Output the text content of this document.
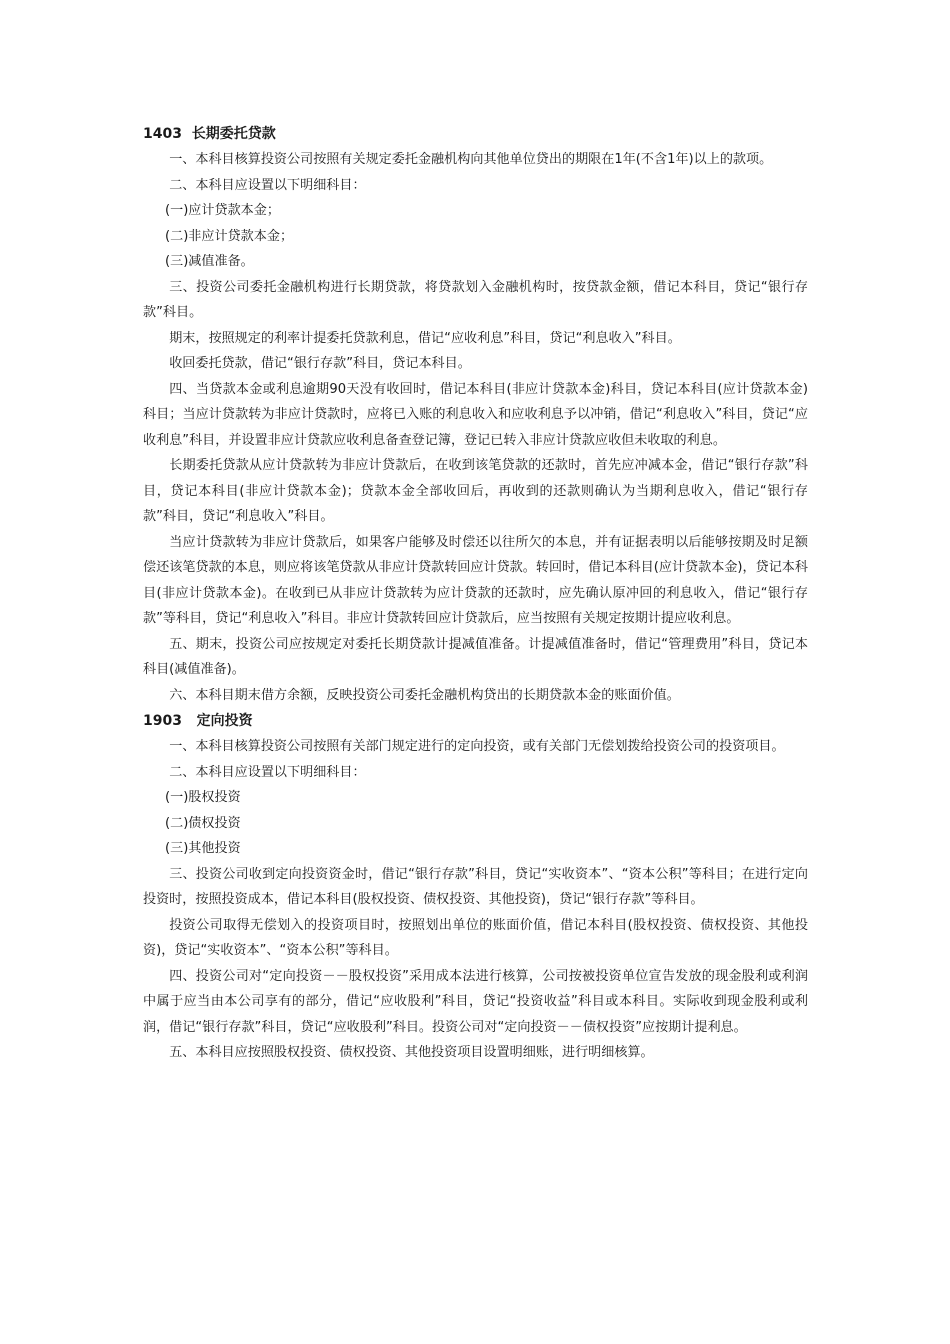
1403  长期委托贷款

一、本科目核算投资公司按照有关规定委托金融机构向其他单位贷出的期限在1年(不含1年)以上的款项。

二、本科目应设置以下明细科目：

(一)应计贷款本金；

(二)非应计贷款本金；

(三)减值准备。

三、投资公司委托金融机构进行长期贷款，将贷款划入金融机构时，按贷款金额，借记本科目，贷记“银行存款”科目。

期末，按照规定的利率计提委托贷款利息，借记“应收利息”科目，贷记“利息收入”科目。

收回委托贷款，借记“银行存款”科目，贷记本科目。

四、当贷款本金或利息逾期90天没有收回时，借记本科目(非应计贷款本金)科目，贷记本科目(应计贷款本金)科目；当应计贷款转为非应计贷款时，应将已入账的利息收入和应收利息予以冲销，借记“利息收入”科目，贷记“应收利息”科目，并设置非应计贷款应收利息备查登记簿，登记已转入非应计贷款应收但未收取的利息。

长期委托贷款从应计贷款转为非应计贷款后，在收到该笔贷款的还款时，首先应冲减本金，借记“银行存款”科目，贷记本科目(非应计贷款本金)；贷款本金全部收回后，再收到的还款则确认为当期利息收入，借记“银行存款”科目，贷记“利息收入”科目。

当应计贷款转为非应计贷款后，如果客户能够及时偿还以往所欠的本息，并有证据表明以后能够按期及时足额偿还该笔贷款的本息，则应将该笔贷款从非应计贷款转回应计贷款。转回时，借记本科目(应计贷款本金)，贷记本科目(非应计贷款本金)。在收到已从非应计贷款转为应计贷款的还款时，应先确认原冲回的利息收入，借记“银行存款”等科目，贷记“利息收入”科目。非应计贷款转回应计贷款后，应当按照有关规定按期计提应收利息。

五、期末，投资公司应按规定对委托长期贷款计提减值准备。计提减值准备时，借记“管理费用”科目，贷记本科目(减值准备)。

六、本科目期末借方余额，反映投资公司委托金融机构贷出的长期贷款本金的账面价值。

1903   定向投资

一、本科目核算投资公司按照有关部门规定进行的定向投资，或有关部门无偿划拨给投资公司的投资项目。

二、本科目应设置以下明细科目：

(一)股权投资

(二)债权投资

(三)其他投资

三、投资公司收到定向投资资金时，借记“银行存款”科目，贷记“实收资本”、“资本公积”等科目；在进行定向投资时，按照投资成本，借记本科目(股权投资、债权投资、其他投资)，贷记“银行存款”等科目。

投资公司取得无偿划入的投资项目时，按照划出单位的账面价值，借记本科目(股权投资、债权投资、其他投资)，贷记“实收资本”、“资本公积”等科目。

四、投资公司对“定向投资－－股权投资”采用成本法进行核算，公司按被投资单位宣告发放的现金股利或利润中属于应当由本公司享有的部分，借记“应收股利”科目，贷记“投资收益”科目或本科目。实际收到现金股利或利润，借记“银行存款”科目，贷记“应收股利”科目。投资公司对“定向投资－－债权投资”应按期计提利息。

五、本科目应按照股权投资、债权投资、其他投资项目设置明细账，进行明细核算。
